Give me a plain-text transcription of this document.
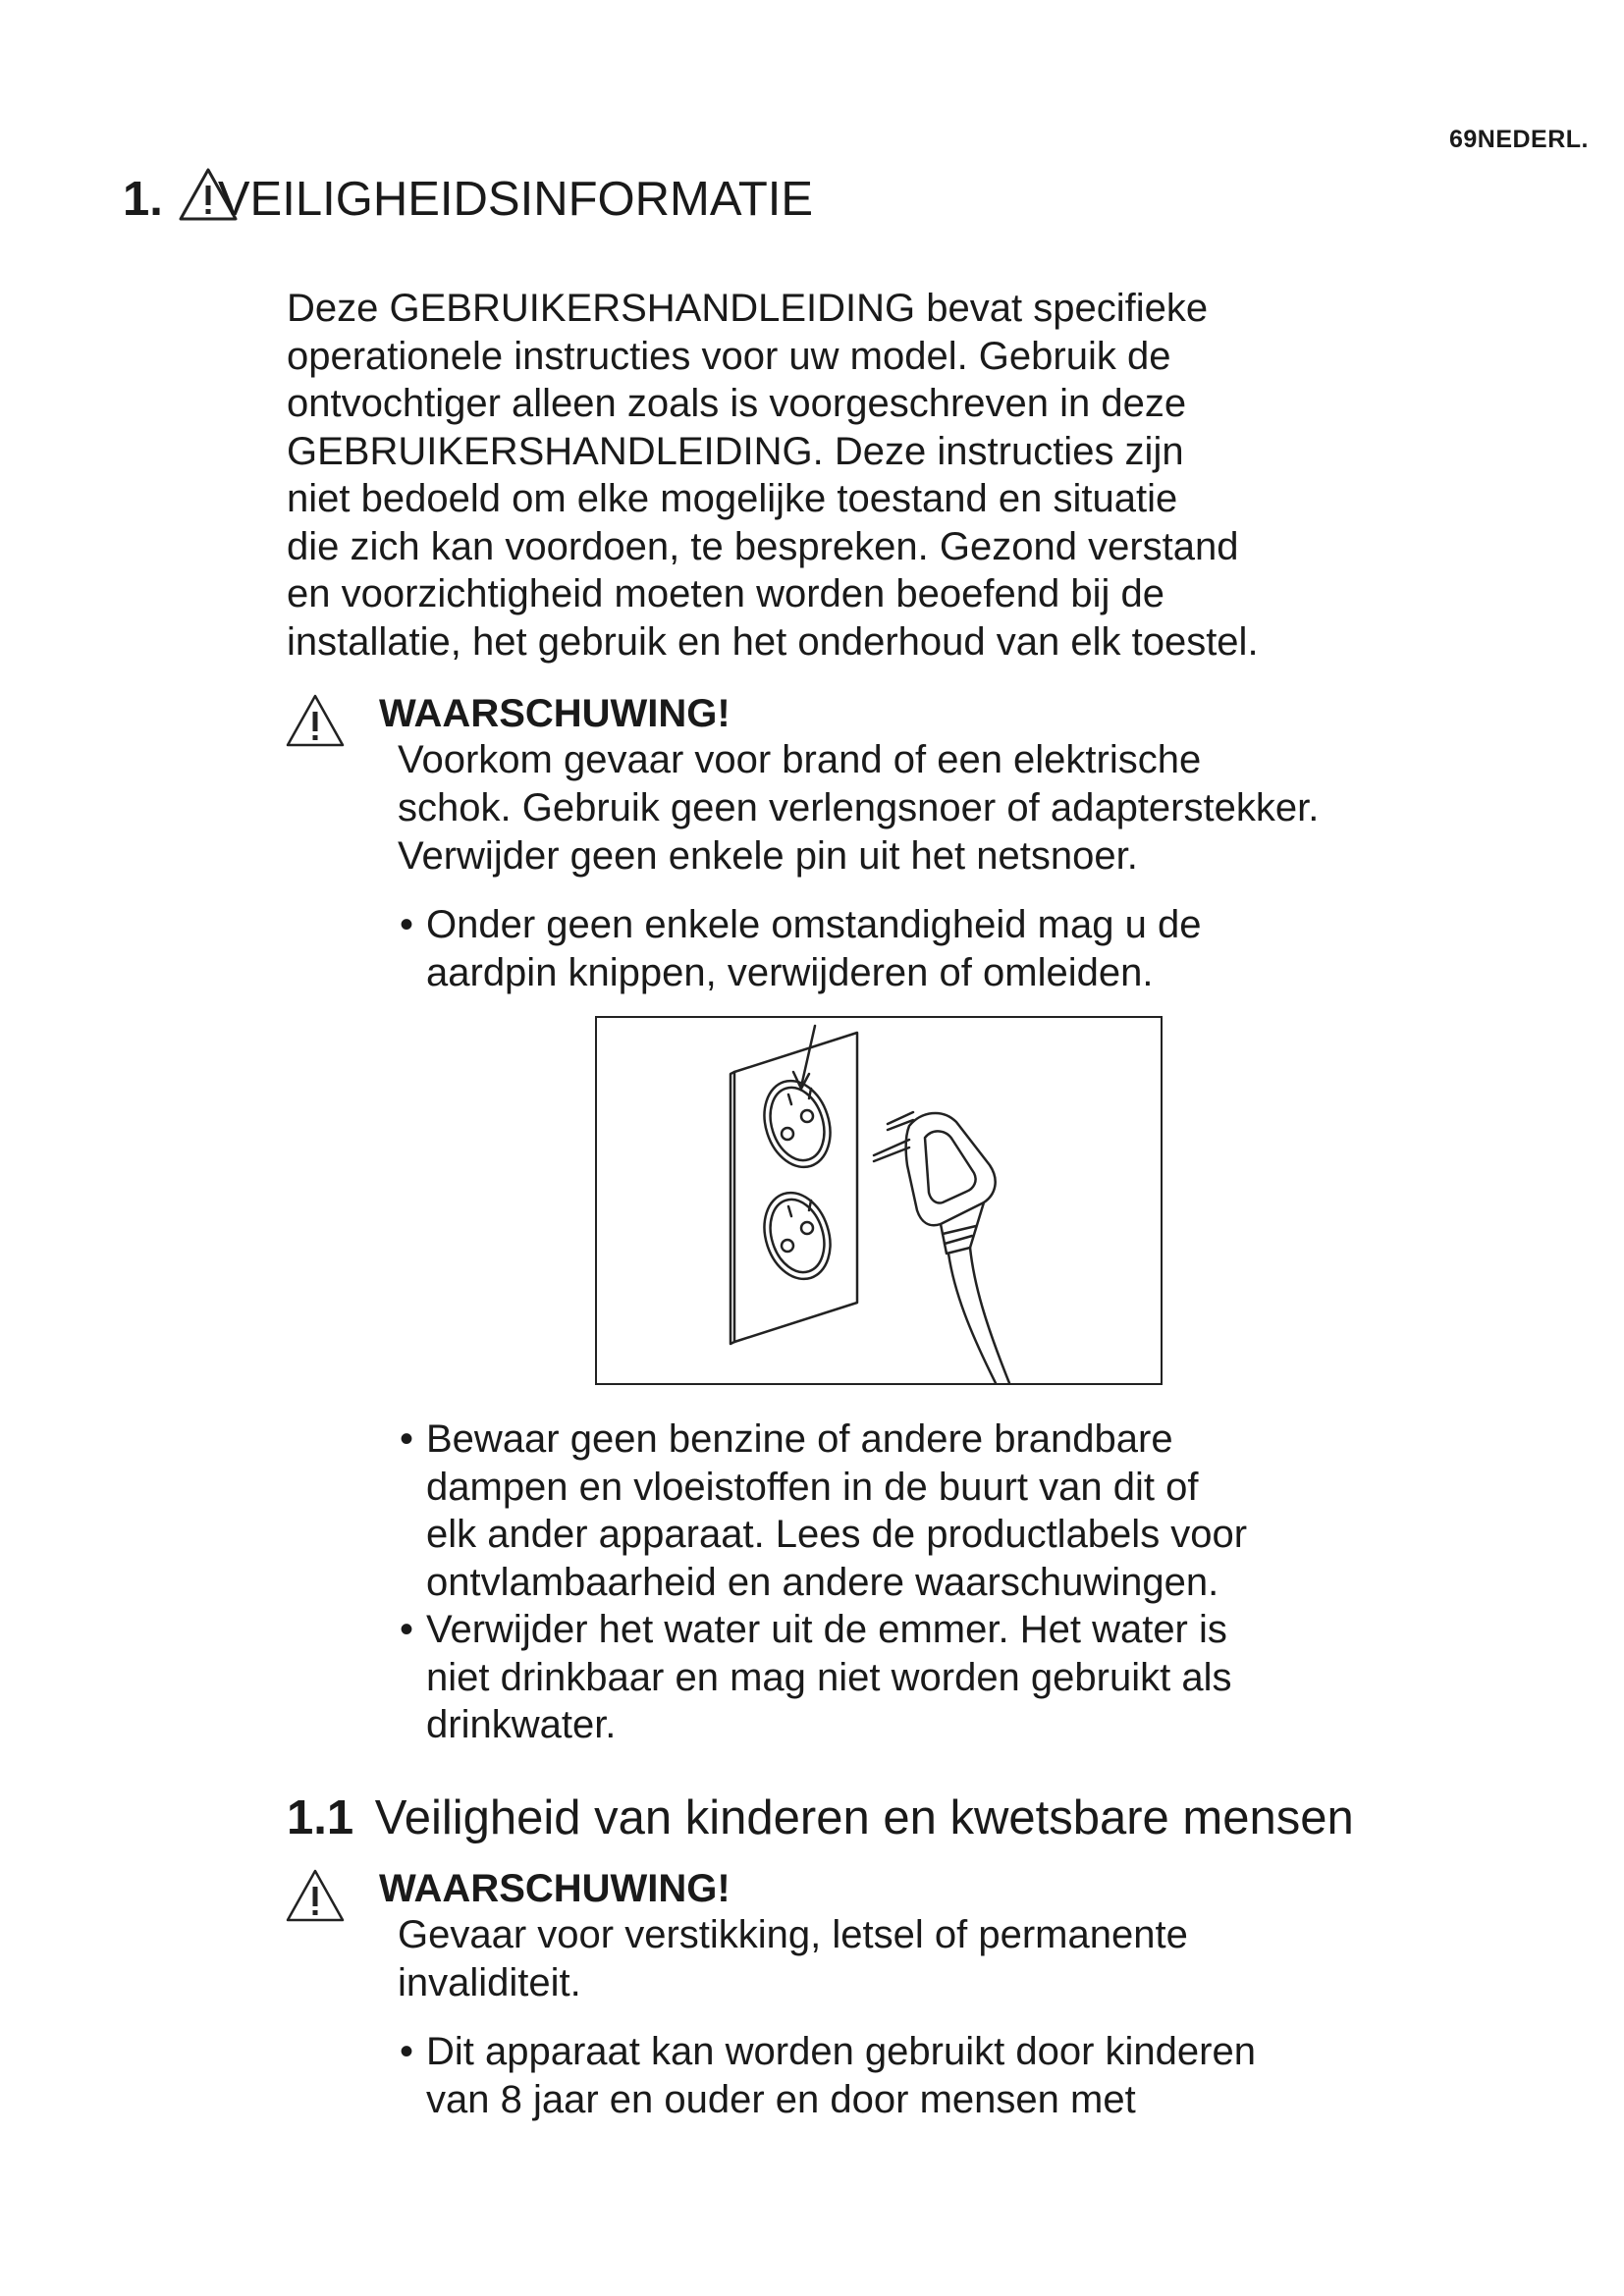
69NEDERL.
1. VEILIGHEIDSINFORMATIE

Deze GEBRUIKERSHANDLEIDING bevat specifieke

operationele instructies voor uw model. Gebruik de

ontvochtiger alleen zoals is voorgeschreven in deze

GEBRUIKERSHANDLEIDING. Deze instructies zijn

niet bedoeld om elke mogelijke toestand en situatie

die zich kan voordoen, te bespreken. Gezond verstand

en voorzichtigheid moeten worden beoefend bij de

installatie, het gebruik en het onderhoud van elk toestel.

WAARSCHUWING!
Voorkom gevaar voor brand of een elektrische
schok. Gebruik geen verlengsnoer of adapterstekker.
Verwijder geen enkele pin uit het netsnoer.
• Onder geen enkele omstandigheid mag u de
aardpin knippen, verwijderen of omleiden.
• Bewaar geen benzine of andere brandbare
dampen en vloeistoffen in de buurt van dit of
elk ander apparaat. Lees de productlabels voor
ontvlambaarheid en andere waarschuwingen.
• Verwijder het water uit de emmer. Het water is
niet drinkbaar en mag niet worden gebruikt als
drinkwater.
1.1 Veiligheid van kinderen en kwetsbare mensen
WAARSCHUWING!
Gevaar voor verstikking, letsel of permanente
invaliditeit.
• Dit apparaat kan worden gebruikt door kinderen
van 8 jaar en ouder en door mensen met
